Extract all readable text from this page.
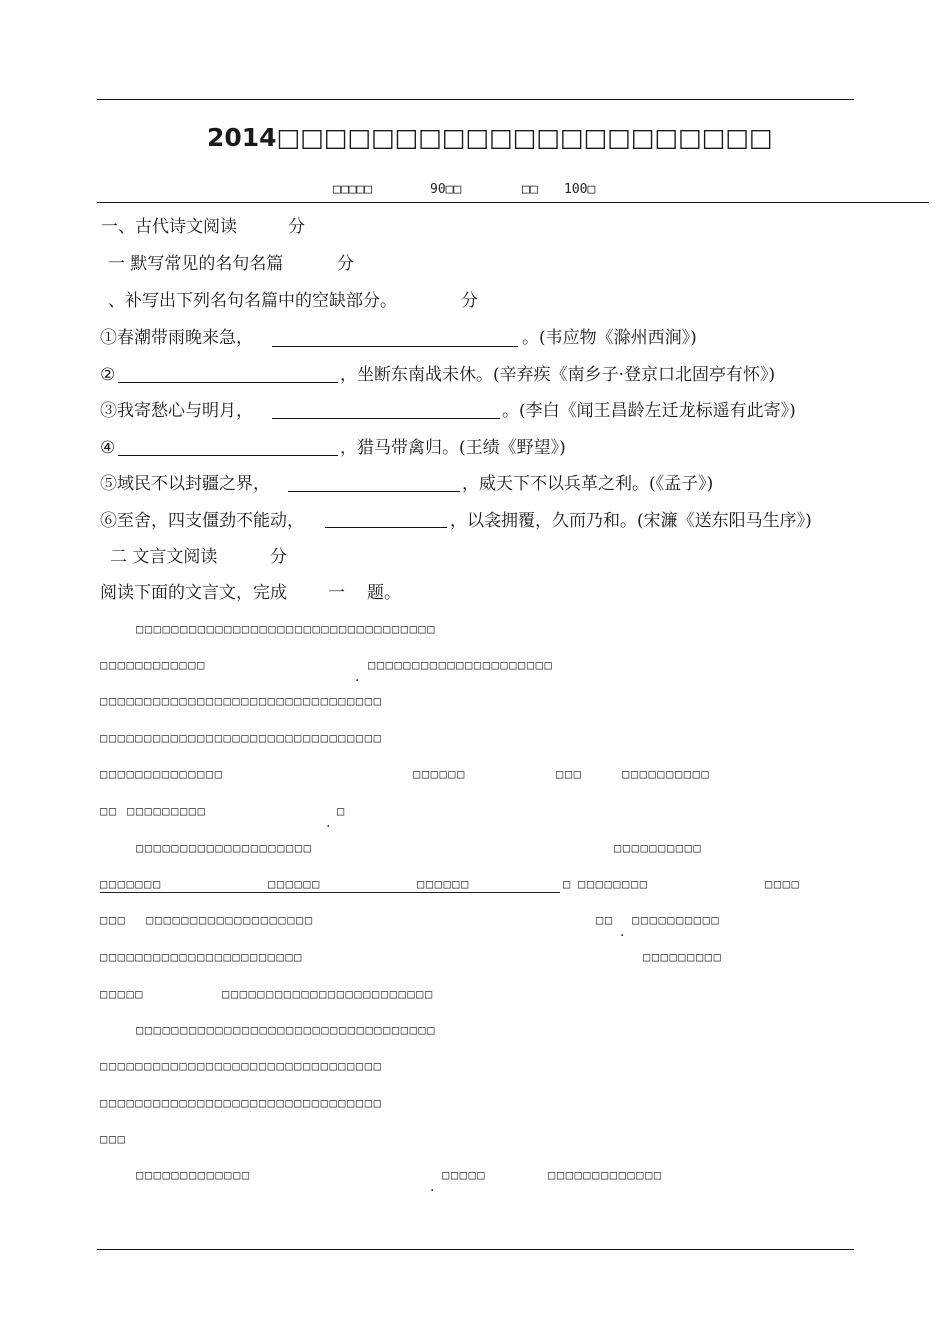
2014□□□□□□□□□□□□□□□□□□□□□
□□□□□	90□□	□□ 100□
一、古代诗文阅读	分
一 默写常见的名句名篇	分
、补写出下列名句名篇中的空缺部分。	分
①春潮带雨晚来急，	。(韦应物《滁州西涧》)
②	，坐断东南战未休。(辛弃疾《南乡子·登京口北固亭有怀》)
③我寄愁心与明月，	。(李白《闻王昌龄左迁龙标遥有此寄》)
④	，猎马带禽归。(王绩《野望》)
⑤域民不以封疆之界，	，威天下不以兵革之利。(《孟子》)
⑥至舍，四支僵劲不能动，	，以衾拥覆，久而乃和。(宋濂《送东阳马生序》)
二 文言文阅读	分
阅读下面的文言文，完成 一 题。
□□□□□□□□□□□□□□□□□□□□□□□□□□□□□□□□□□
□□□□□□□□□□□□
.
□□□□□□□□□□□□□□□□□□□□□
□□□□□□□□□□□□□□□□□□□□□□□□□□□□□□□□
□□□□□□□□□□□□□□□□□□□□□□□□□□□□□□□□
□□□□□□□□□□□□□□	□□□□□□	□□□	□□□□□□□□□□
□□ □□□□□□□□□
.
□
□□□□□□□□□□□□□□□□□□□□	□□□□□□□□□□
□□□□□□□	□□□□□□	□□□□□□	□ □□□□□□□□	□□□□
□□□ □□□□□□□□□□□□□□□□□□□	□□
.
□□□□□□□□□□
□□□□□□□□□□□□□□□□□□□□□□□	□□□□□□□□□
□□□□□	□□□□□□□□□□□□□□□□□□□□□□□□
□□□□□□□□□□□□□□□□□□□□□□□□□□□□□□□□□□
□□□□□□□□□□□□□□□□□□□□□□□□□□□□□□□□
□□□□□□□□□□□□□□□□□□□□□□□□□□□□□□□□
□□□
□□□□□□□□□□□□□
.
□□□□□	□□□□□□□□□□□□□
